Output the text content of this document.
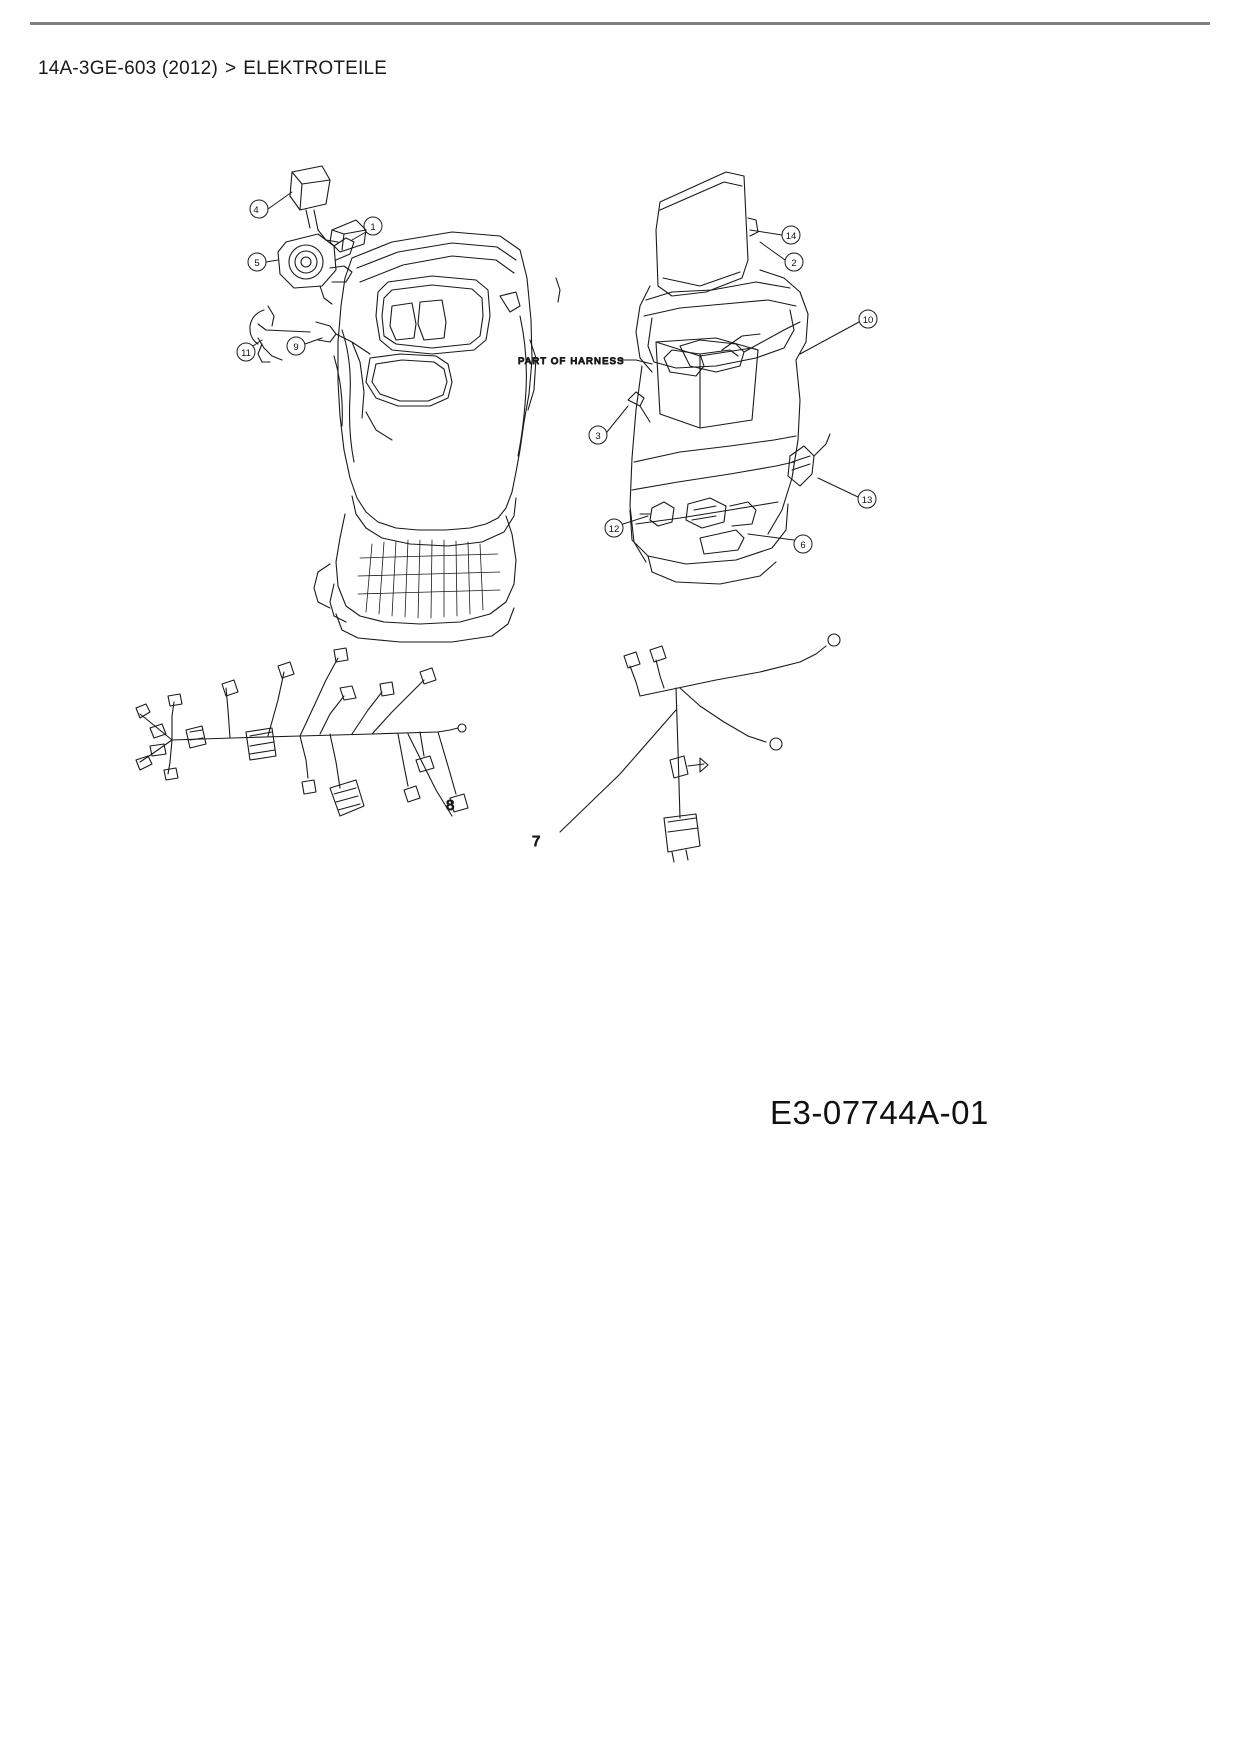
14A-3GE-603 (2012) > ELEKTROTEILE
PART OF HARNESS
8
7
4
1
5
9
11
14
2
10
3
13
12
6
E3-07744A-01
